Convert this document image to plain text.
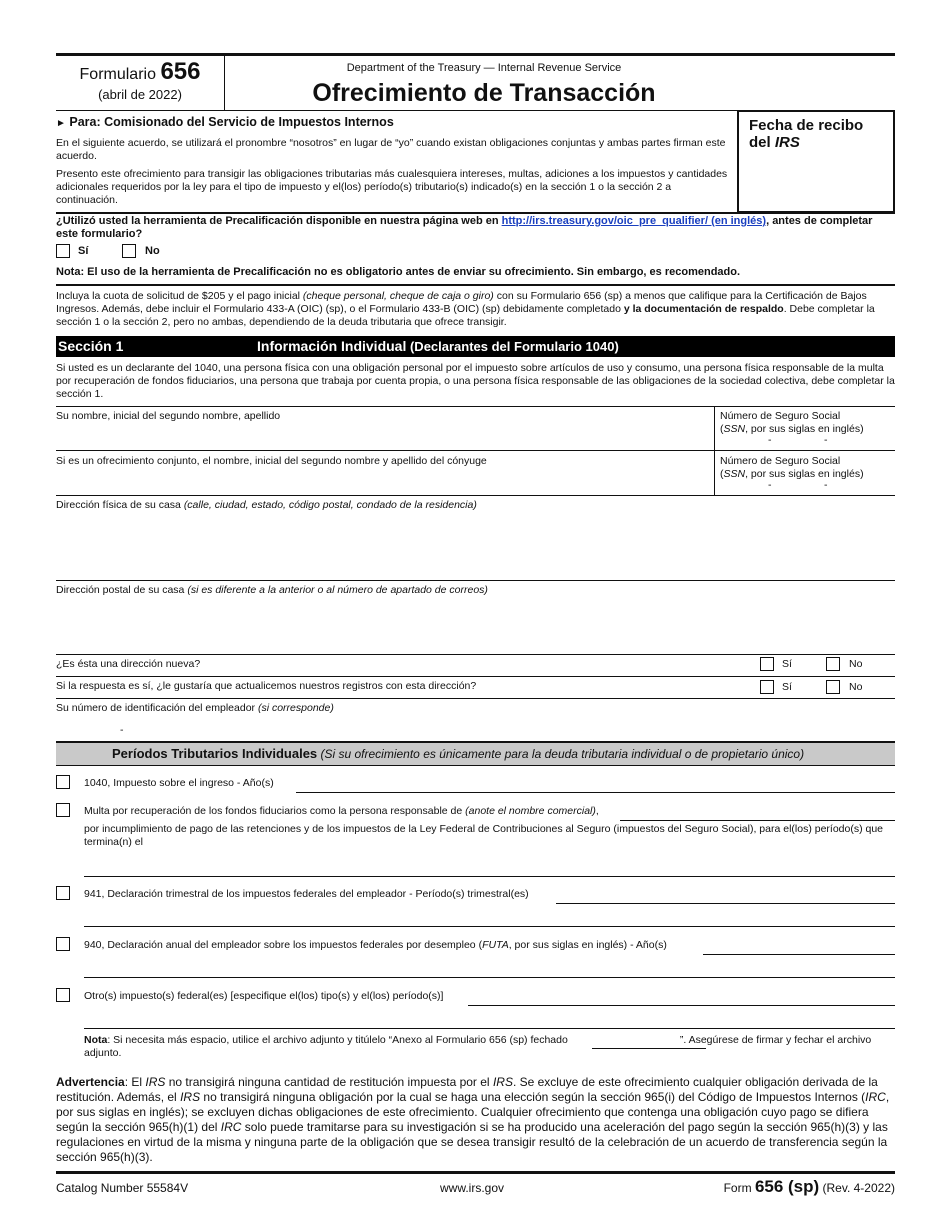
Formulario 656
(abril de 2022)
Department of the Treasury — Internal Revenue Service
Ofrecimiento de Transacción
Fecha de recibo
del IRS
► Para: Comisionado del Servicio de Impuestos Internos
En el siguiente acuerdo, se utilizará el pronombre “nosotros” en lugar de “yo” cuando existan obligaciones conjuntas y ambas partes firman este acuerdo.
Presento este ofrecimiento para transigir las obligaciones tributarias más cualesquiera intereses, multas, adiciones a los impuestos y cantidades adicionales requeridos por la ley para el tipo de impuesto y el(los) período(s) tributario(s) indicado(s) en la sección 1 o la sección 2 a continuación.
¿Utilizó usted la herramienta de Precalificación disponible en nuestra página web en http://irs.treasury.gov/oic_pre_qualifier/ (en inglés), antes de completar este formulario?
Sí	No
Nota: El uso de la herramienta de Precalificación no es obligatorio antes de enviar su ofrecimiento. Sin embargo, es recomendado.
Incluya la cuota de solicitud de $205 y el pago inicial (cheque personal, cheque de caja o giro) con su Formulario 656 (sp) a menos que califique para la Certificación de Bajos Ingresos. Además, debe incluir el Formulario 433-A (OIC) (sp), o el Formulario 433-B (OIC) (sp) debidamente completado y la documentación de respaldo. Debe completar la sección 1 o la sección 2, pero no ambas, dependiendo de la deuda tributaria que ofrece transigir.
Sección 1	Información Individual (Declarantes del Formulario 1040)
Si usted es un declarante del 1040, una persona física con una obligación personal por el impuesto sobre artículos de uso y consumo, una persona física responsable de la multa por recuperación de fondos fiduciarios, una persona que trabaja por cuenta propia, o una persona física responsable de las obligaciones de la sociedad colectiva, debe completar la sección 1.
Su nombre, inicial del segundo nombre, apellido	Número de Seguro Social
(SSN, por sus siglas en inglés)
-	-
Si es un ofrecimiento conjunto, el nombre, inicial del segundo nombre y apellido del cónyuge	Número de Seguro Social
(SSN, por sus siglas en inglés)
-	-
Dirección física de su casa (calle, ciudad, estado, código postal, condado de la residencia)
Dirección postal de su casa (si es diferente a la anterior o al número de apartado de correos)
¿Es ésta una dirección nueva?	Sí	No
Si la respuesta es sí, ¿le gustaría que actualicemos nuestros registros con esta dirección?	Sí	No
Su número de identificación del empleador (si corresponde)
-
Períodos Tributarios Individuales (Si su ofrecimiento es únicamente para la deuda tributaria individual o de propietario único)
1040, Impuesto sobre el ingreso - Año(s)
Multa por recuperación de los fondos fiduciarios como la persona responsable de (anote el nombre comercial),
por incumplimiento de pago de las retenciones y de los impuestos de la Ley Federal de Contribuciones al Seguro (impuestos del Seguro Social), para el(los) período(s) que termina(n) el
941, Declaración trimestral de los impuestos federales del empleador - Período(s) trimestral(es)
940, Declaración anual del empleador sobre los impuestos federales por desempleo (FUTA, por sus siglas en inglés) - Año(s)
Otro(s) impuesto(s) federal(es) [especifique el(los) tipo(s) y el(los) período(s)]
Nota: Si necesita más espacio, utilice el archivo adjunto y titúlelo “Anexo al Formulario 656 (sp) fechado	”. Asegúrese de firmar y fechar el archivo adjunto.
Advertencia: El IRS no transigirá ninguna cantidad de restitución impuesta por el IRS. Se excluye de este ofrecimiento cualquier obligación derivada de la restitución. Además, el IRS no transigirá ninguna obligación por la cual se haga una elección según la sección 965(i) del Código de Impuestos Internos (IRC, por sus siglas en inglés); se excluyen dichas obligaciones de este ofrecimiento. Cualquier ofrecimiento que contenga una obligación cuyo pago se difiera según la sección 965(h)(1) del IRC solo puede tramitarse para su investigación si se ha producido una aceleración del pago según la sección 965(h)(3) y las regulaciones en virtud de la misma y ninguna parte de la obligación que se desea transigir resultó de la celebración de un acuerdo de transferencia según la sección 965(h)(3).
Catalog Number 55584V	www.irs.gov	Form 656 (sp) (Rev. 4-2022)
